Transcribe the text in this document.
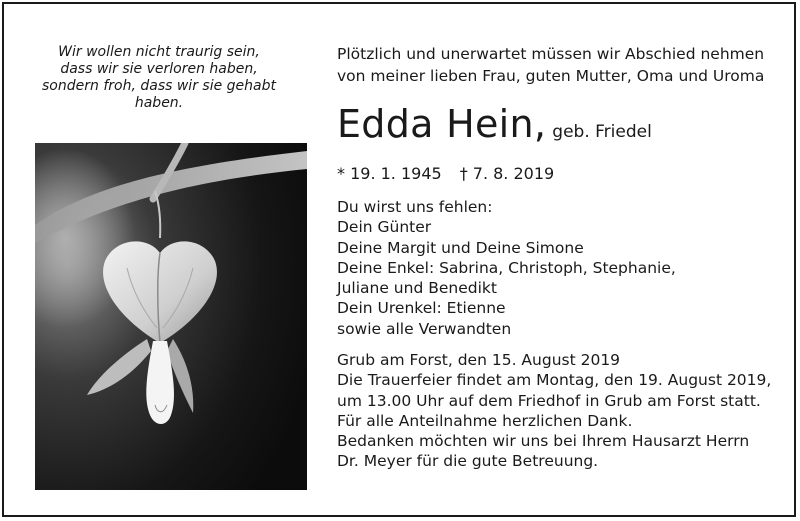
Wir wollen nicht traurig sein,
dass wir sie verloren haben,
sondern froh, dass wir sie gehabt
haben.
Plötzlich und unerwartet müssen wir Abschied nehmen
von meiner lieben Frau, guten Mutter, Oma und Uroma
Edda Hein, geb. Friedel
* 19. 1. 1945 † 7. 8. 2019
Du wirst uns fehlen:
Dein Günter
Deine Margit und Deine Simone
Deine Enkel: Sabrina, Christoph, Stephanie,
Juliane und Benedikt
Dein Urenkel: Etienne
sowie alle Verwandten
Grub am Forst, den 15. August 2019
Die Trauerfeier findet am Montag, den 19. August 2019,
um 13.00 Uhr auf dem Friedhof in Grub am Forst statt.
Für alle Anteilnahme herzlichen Dank.
Bedanken möchten wir uns bei Ihrem Hausarzt Herrn
Dr. Meyer für die gute Betreuung.
